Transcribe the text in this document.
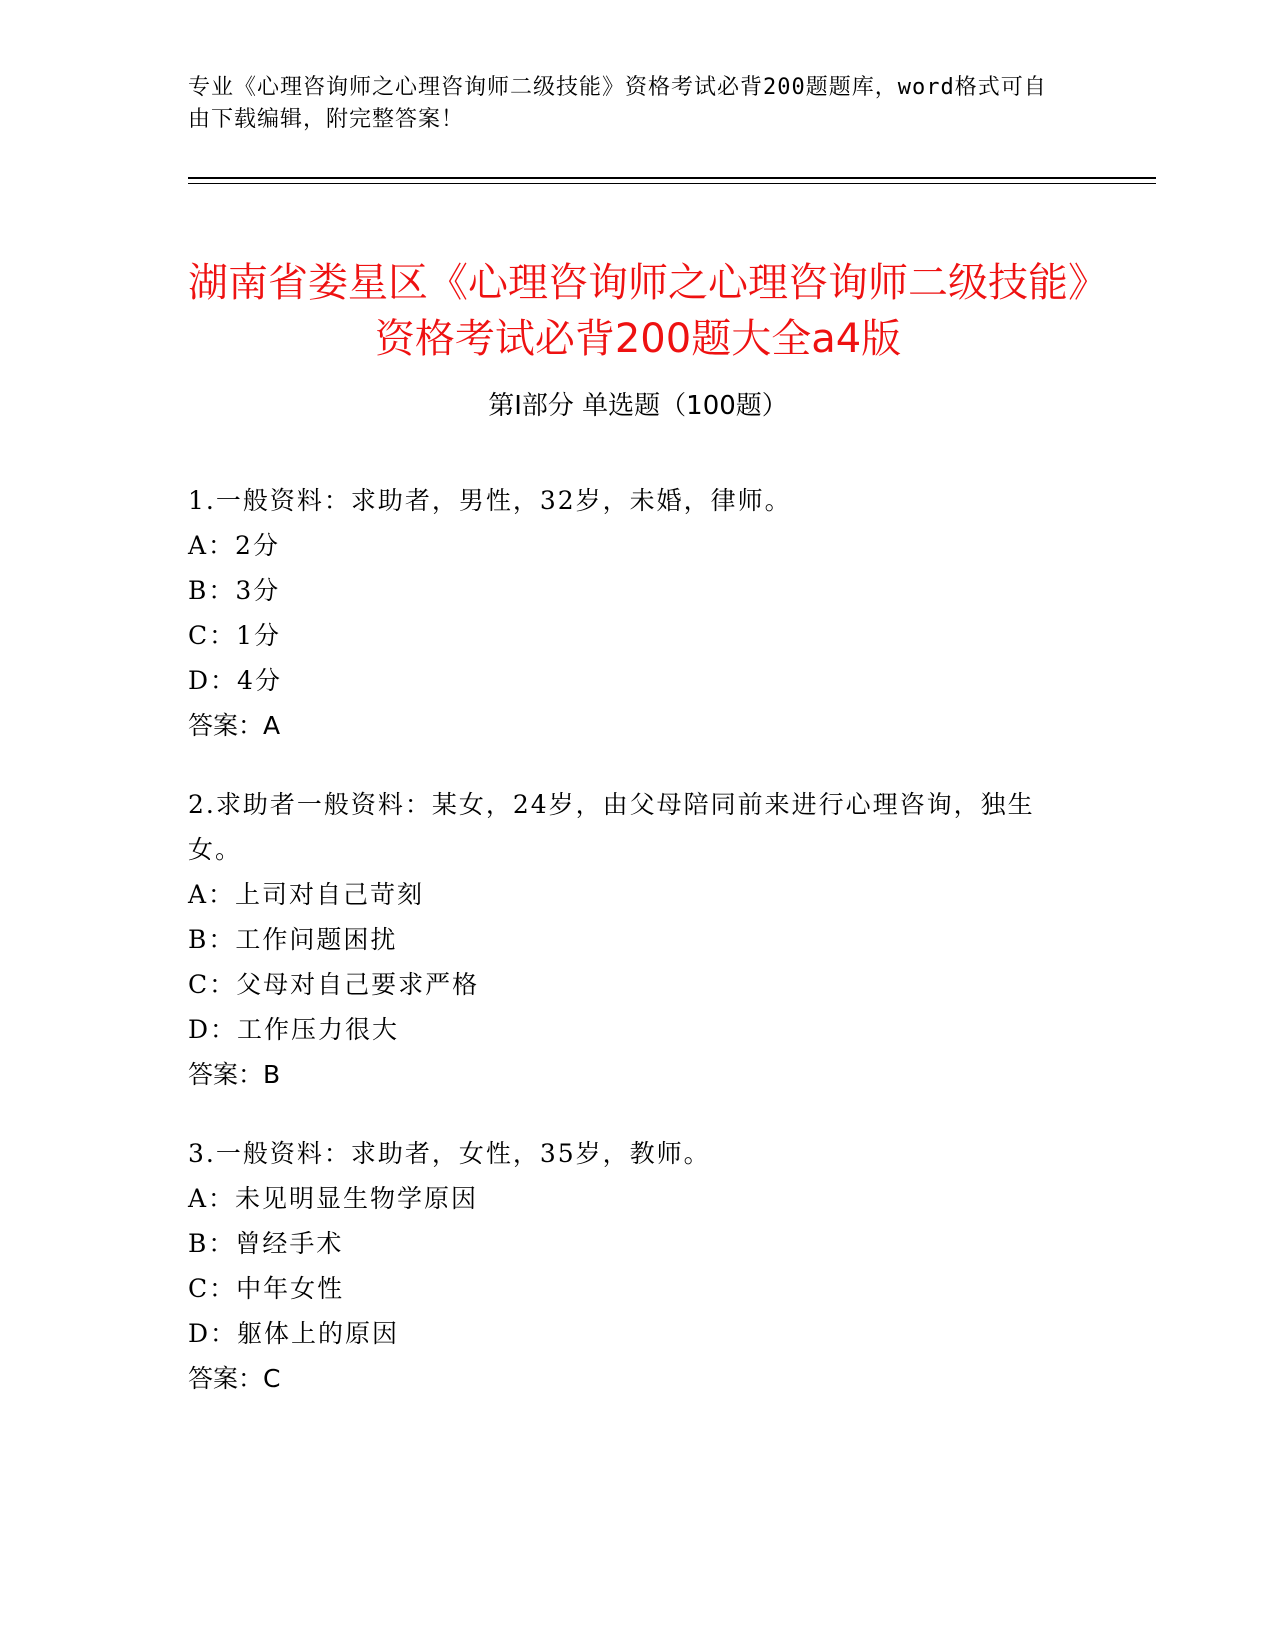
专业《心理咨询师之心理咨询师二级技能》资格考试必背200题题库，word格式可自由下载编辑，附完整答案！
湖南省娄星区《心理咨询师之心理咨询师二级技能》资格考试必背200题大全a4版
第Ⅰ部分 单选题（100题）

1.一般资料：求助者，男性，32岁，未婚，律师。

A：2分

B：3分

C：1分

D：4分

答案：A

2.求助者一般资料：某女，24岁，由父母陪同前来进行心理咨询，独生女。

A：上司对自己苛刻

B：工作问题困扰

C：父母对自己要求严格

D：工作压力很大

答案：B

3.一般资料：求助者，女性，35岁，教师。

A：未见明显生物学原因

B：曾经手术

C：中年女性

D：躯体上的原因

答案：C
